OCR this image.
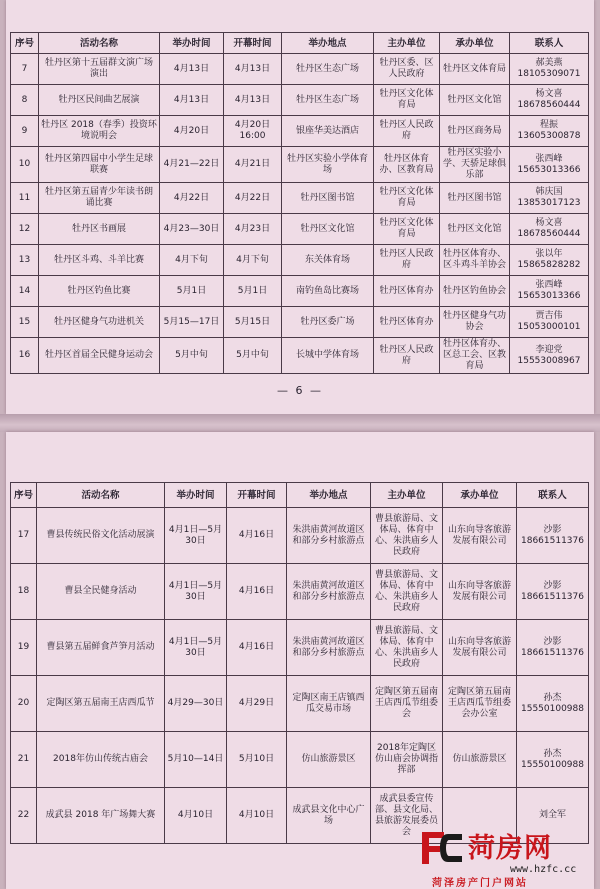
序号	活动名称	举办时间	开幕时间	举办地点	主办单位	承办单位	联系人
7	牡丹区第十五届群文演广场演出	4月13日	4月13日	牡丹区生态广场	牡丹区委、区人民政府	牡丹区文体育局	郝美燕 18105309071
8	牡丹区民间曲艺展演	4月13日	4月13日	牡丹区生态广场	牡丹区文化体育局	牡丹区文化馆	杨文喜 18678560444
9	牡丹区 2018（春季）投资环境说明会	4月20日	4月20日 16:00	银座华美达酒店	牡丹区人民政府	牡丹区商务局	程振 13605300878
10	牡丹区第四届中小学生足球联赛	4月21—22日	4月21日	牡丹区实验小学体育场	牡丹区体育办、区教育局	牡丹区实验小学、天骄足球俱乐部	张西峰 15653013366
11	牡丹区第五届青少年读书朗诵比赛	4月22日	4月22日	牡丹区图书馆	牡丹区文化体育局	牡丹区图书馆	韩庆国 13853017123
12	牡丹区书画展	4月23—30日	4月23日	牡丹区文化馆	牡丹区文化体育局	牡丹区文化馆	杨文喜 18678560444
13	牡丹区斗鸡、斗羊比赛	4月下旬	4月下旬	东关体育场	牡丹区人民政府	牡丹区体育办、区斗鸡斗羊协会	张以年 15865828282
14	牡丹区钓鱼比赛	5月1日	5月1日	南钓鱼岛比赛场	牡丹区体育办	牡丹区钓鱼协会	张西峰 15653013366
15	牡丹区健身气功进机关	5月15—17日	5月15日	牡丹区委广场	牡丹区体育办	牡丹区健身气功协会	贾吉伟 15053000101
16	牡丹区首届全民健身运动会	5月中旬	5月中旬	长城中学体育场	牡丹区人民政府	牡丹区体育办、区总工会、区教育局	李迎党 15553008967
— 6 —
序号	活动名称	举办时间	开幕时间	举办地点	主办单位	承办单位	联系人
17	曹县传统民俗文化活动展演	4月1日—5月30日	4月16日	朱洪庙黄河故道区和部分乡村旅游点	曹县旅游局、文体局、体育中心、朱洪庙乡人民政府	山东向导客旅游发展有限公司	沙影 18661511376
18	曹县全民健身活动	4月1日—5月30日	4月16日	朱洪庙黄河故道区和部分乡村旅游点	曹县旅游局、文体局、体育中心、朱洪庙乡人民政府	山东向导客旅游发展有限公司	沙影 18661511376
19	曹县第五届鲜食芦笋月活动	4月1日—5月30日	4月16日	朱洪庙黄河故道区和部分乡村旅游点	曹县旅游局、文体局、体育中心、朱洪庙乡人民政府	山东向导客旅游发展有限公司	沙影 18661511376
20	定陶区第五届南王店西瓜节	4月29—30日	4月29日	定陶区南王店镇西瓜交易市场	定陶区第五届南王店西瓜节组委会	定陶区第五届南王店西瓜节组委会办公室	孙杰 15550100988
21	2018年仿山传统古庙会	5月10—14日	5月10日	仿山旅游景区	2018年定陶区仿山庙会协调指挥部	仿山旅游景区	孙杰 15550100988
22	成武县 2018 年广场舞大赛	4月10日	4月10日	成武县文化中心广场	成武县委宣传部、县文化局、县旅游发展委员会		刘全军
菏房网
www.hzfc.cc
菏泽房产门户网站
